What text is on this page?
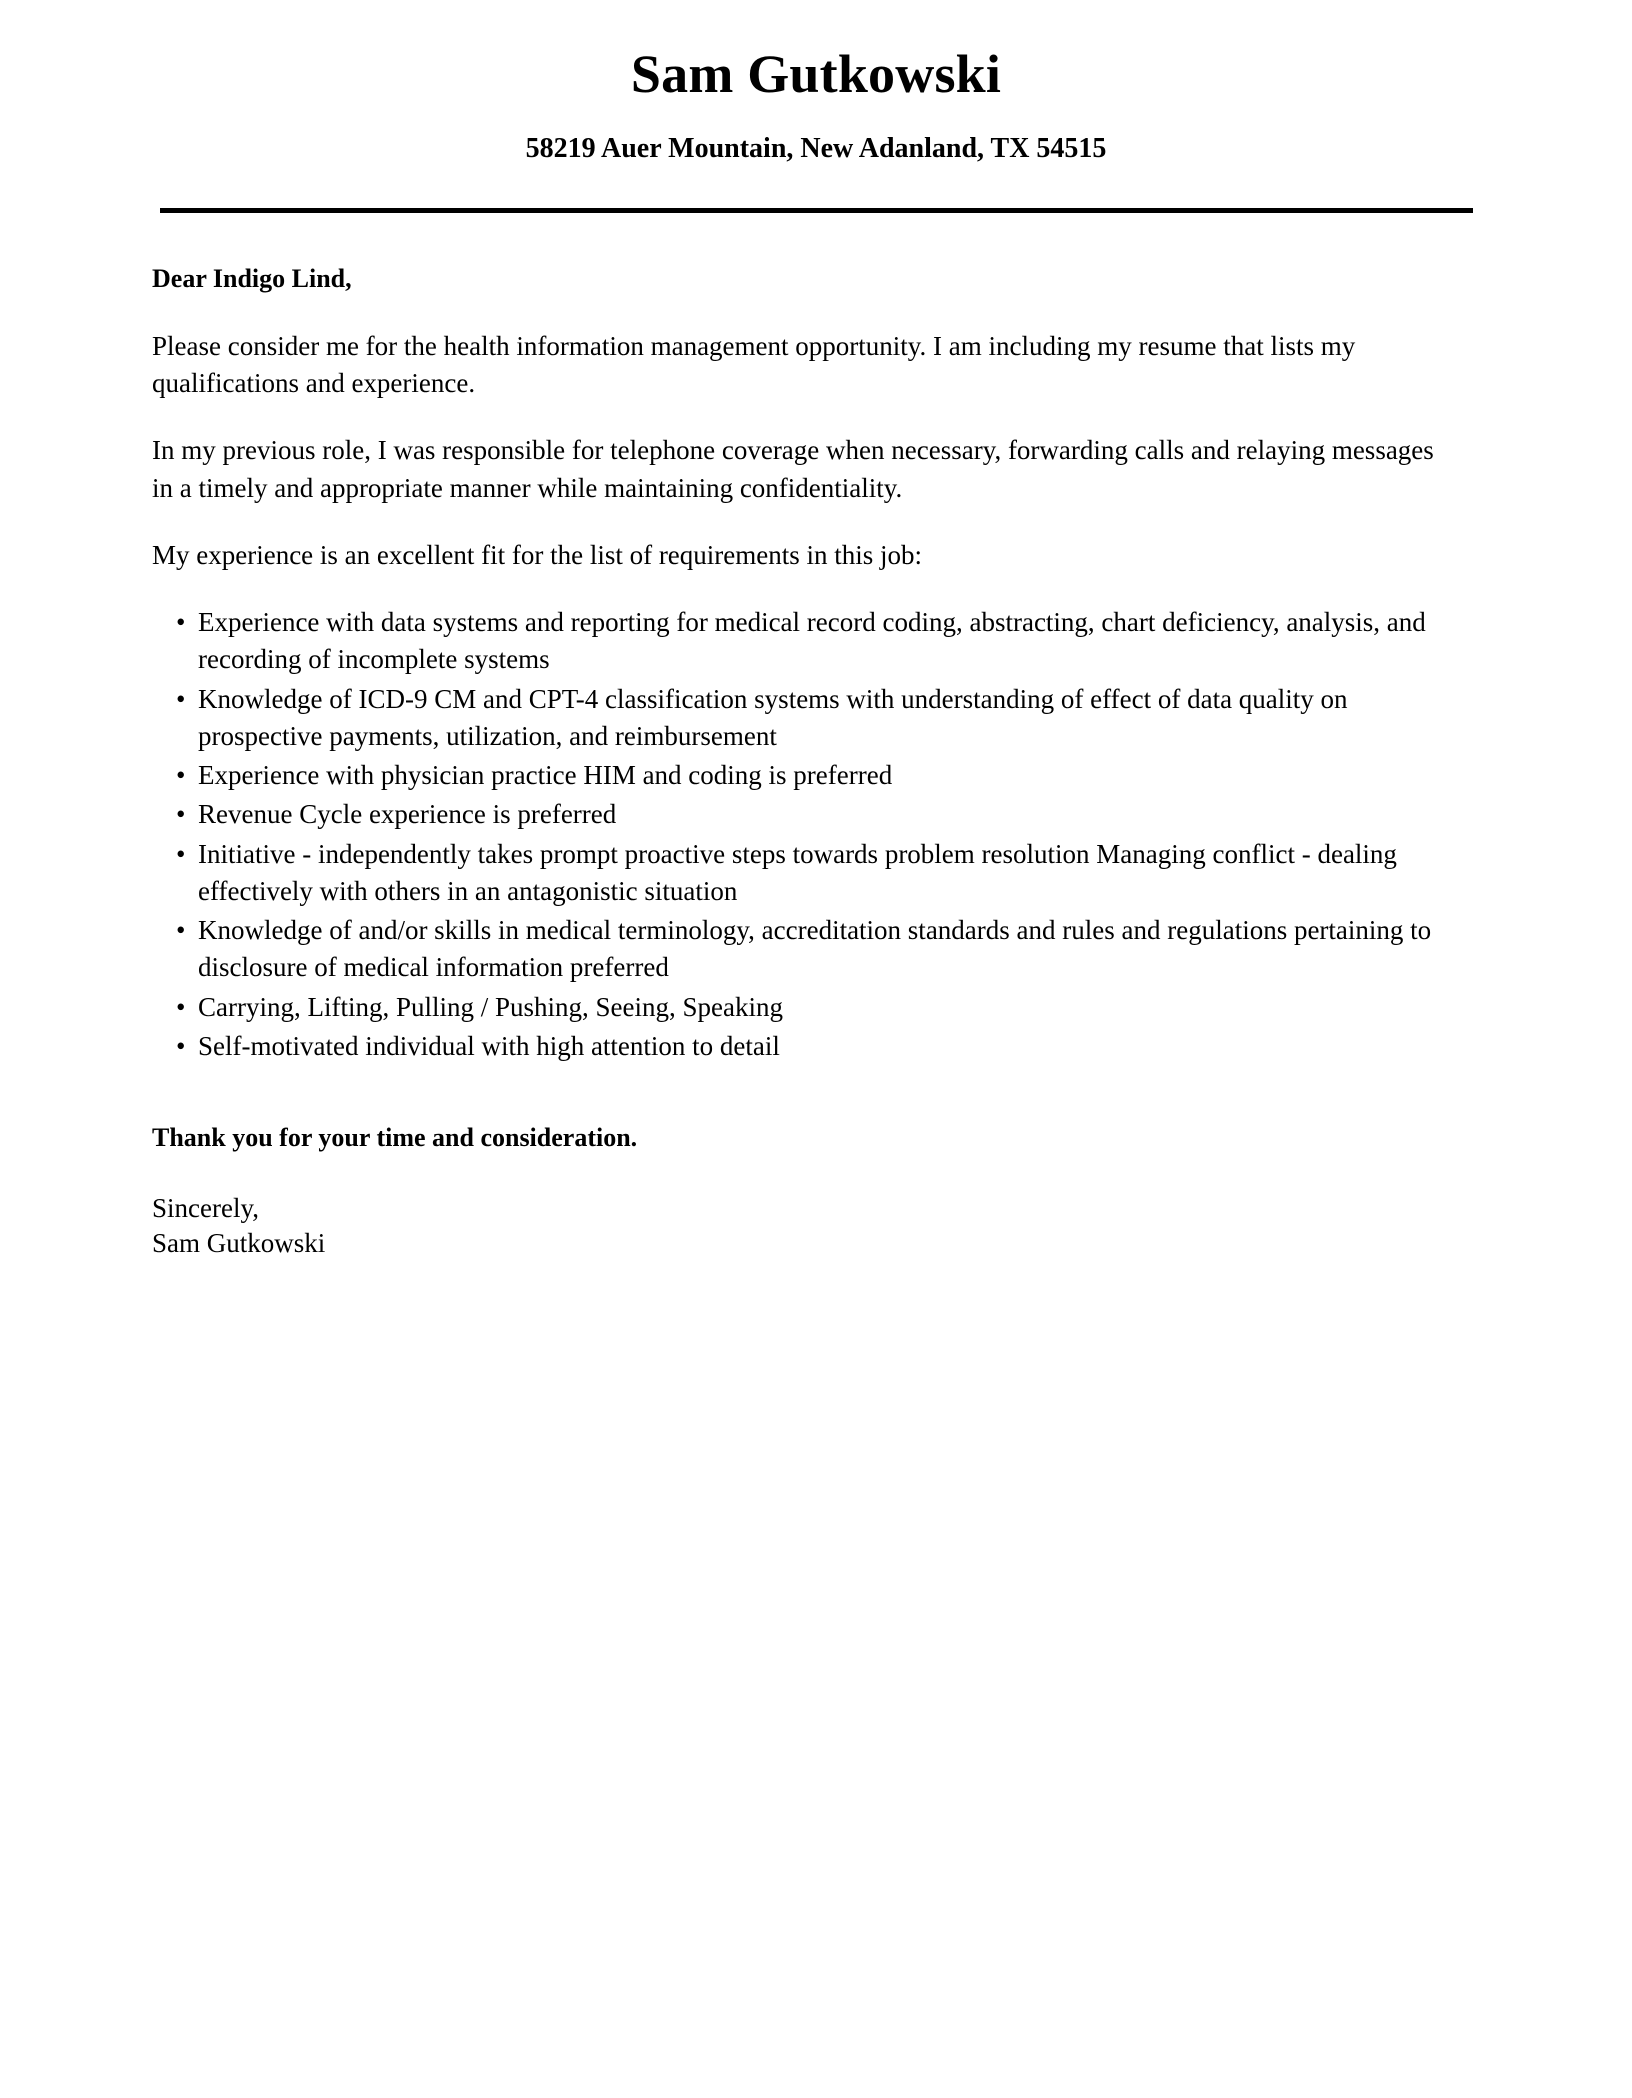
Sam Gutkowski
58219 Auer Mountain, New Adanland, TX 54515
Dear Indigo Lind,

Please consider me for the health information management opportunity. I am including my resume that lists my qualifications and experience.

In my previous role, I was responsible for telephone coverage when necessary, forwarding calls and relaying messages in a timely and appropriate manner while maintaining confidentiality.

My experience is an excellent fit for the list of requirements in this job:

• Experience with data systems and reporting for medical record coding, abstracting, chart deficiency, analysis, and recording of incomplete systems
• Knowledge of ICD-9 CM and CPT-4 classification systems with understanding of effect of data quality on prospective payments, utilization, and reimbursement
• Experience with physician practice HIM and coding is preferred
• Revenue Cycle experience is preferred
• Initiative - independently takes prompt proactive steps towards problem resolution Managing conflict - dealing effectively with others in an antagonistic situation
• Knowledge of and/or skills in medical terminology, accreditation standards and rules and regulations pertaining to disclosure of medical information preferred
• Carrying, Lifting, Pulling / Pushing, Seeing, Speaking
• Self-motivated individual with high attention to detail
Thank you for your time and consideration.
Sincerely,
Sam Gutkowski
